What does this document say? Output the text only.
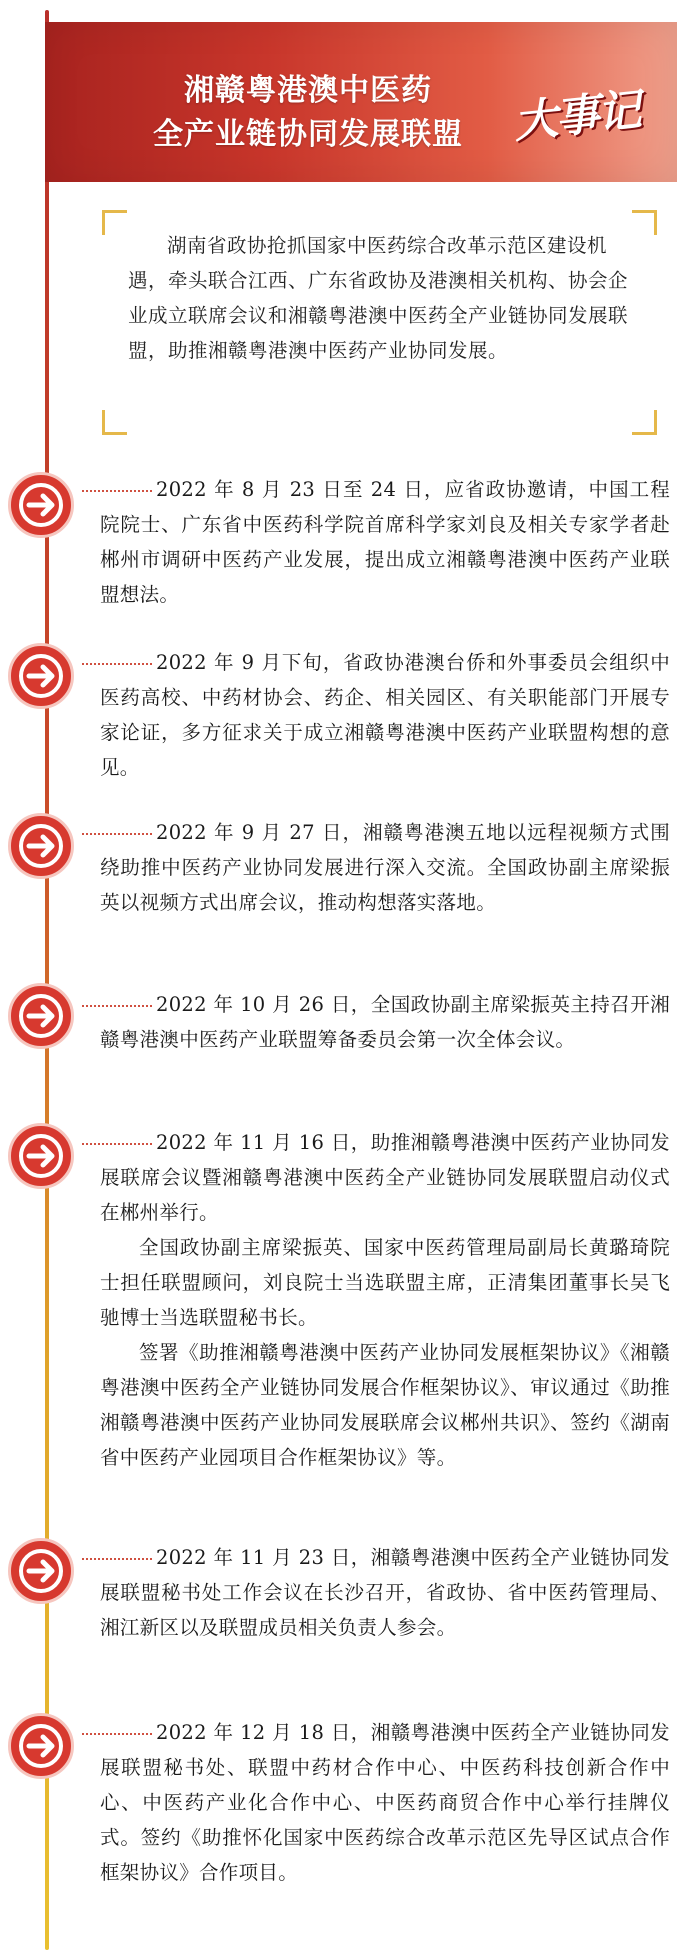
湘赣粤港澳中医药
全产业链协同发展联盟 大事记
湖南省政协抢抓国家中医药综合改革示范区建设机遇，牵头联合江西、广东省政协及港澳相关机构、协会企业成立联席会议和湘赣粤港澳中医药全产业链协同发展联盟，助推湘赣粤港澳中医药产业协同发展。

2022 年 8 月 23 日至 24 日，应省政协邀请，中国工程院院士、广东省中医药科学院首席科学家刘良及相关专家学者赴郴州市调研中医药产业发展，提出成立湘赣粤港澳中医药产业联盟想法。

2022 年 9 月下旬，省政协港澳台侨和外事委员会组织中医药高校、中药材协会、药企、相关园区、有关职能部门开展专家论证，多方征求关于成立湘赣粤港澳中医药产业联盟构想的意见。

2022 年 9 月 27 日，湘赣粤港澳五地以远程视频方式围绕助推中医药产业协同发展进行深入交流。全国政协副主席梁振英以视频方式出席会议，推动构想落实落地。

2022 年 10 月 26 日，全国政协副主席梁振英主持召开湘赣粤港澳中医药产业联盟筹备委员会第一次全体会议。

2022 年 11 月 16 日，助推湘赣粤港澳中医药产业协同发展联席会议暨湘赣粤港澳中医药全产业链协同发展联盟启动仪式在郴州举行。

全国政协副主席梁振英、国家中医药管理局副局长黄璐琦院士担任联盟顾问，刘良院士当选联盟主席，正清集团董事长吴飞驰博士当选联盟秘书长。

签署《助推湘赣粤港澳中医药产业协同发展框架协议》《湘赣粤港澳中医药全产业链协同发展合作框架协议》、审议通过《助推湘赣粤港澳中医药产业协同发展联席会议郴州共识》、签约《湖南省中医药产业园项目合作框架协议》等。

2022 年 11 月 23 日，湘赣粤港澳中医药全产业链协同发展联盟秘书处工作会议在长沙召开，省政协、省中医药管理局、湘江新区以及联盟成员相关负责人参会。

2022 年 12 月 18 日，湘赣粤港澳中医药全产业链协同发展联盟秘书处、联盟中药材合作中心、中医药科技创新合作中心、中医药产业化合作中心、中医药商贸合作中心举行挂牌仪式。签约《助推怀化国家中医药综合改革示范区先导区试点合作框架协议》合作项目。
